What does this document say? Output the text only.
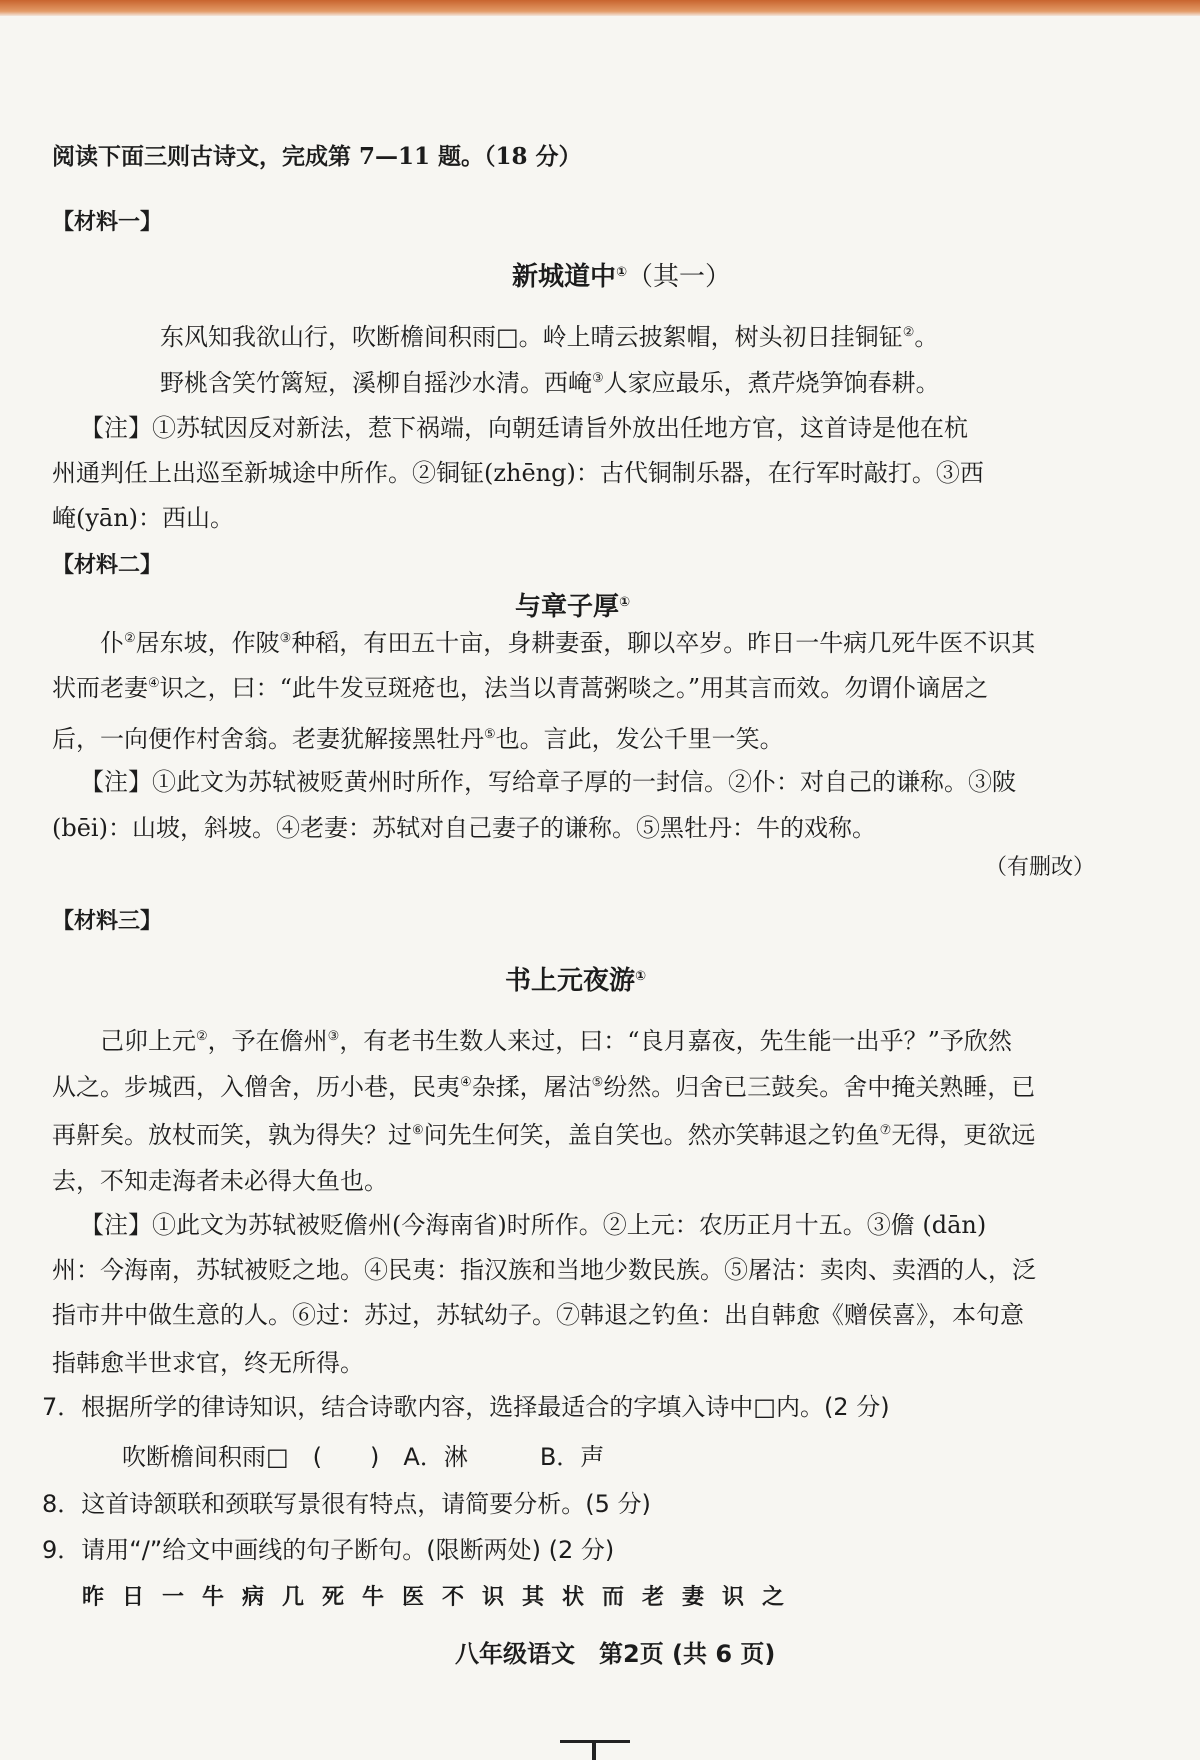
阅读下面三则古诗文，完成第 7—11 题。（18 分）
【材料一】
新城道中①（其一）
东风知我欲山行，吹断檐间积雨□。岭上晴云披絮帽，树头初日挂铜钲②。
野桃含笑竹篱短，溪柳自摇沙水清。西崦③人家应最乐，煮芹烧笋饷春耕。
【注】①苏轼因反对新法，惹下祸端，向朝廷请旨外放出任地方官，这首诗是他在杭
州通判任上出巡至新城途中所作。②铜钲(zhēng)：古代铜制乐器，在行军时敲打。③西
崦(yān)：西山。
【材料二】
与章子厚①
仆②居东坡，作陂③种稻，有田五十亩，身耕妻蚕，聊以卒岁。昨日一牛病几死牛医不识其
状而老妻④识之，曰：“此牛发豆斑疮也，法当以青蒿粥啖之。”用其言而效。勿谓仆谪居之
后，一向便作村舍翁。老妻犹解接黑牡丹⑤也。言此，发公千里一笑。
【注】①此文为苏轼被贬黄州时所作，写给章子厚的一封信。②仆：对自己的谦称。③陂
(bēi)：山坡，斜坡。④老妻：苏轼对自己妻子的谦称。⑤黑牡丹：牛的戏称。
（有删改）
【材料三】
书上元夜游①
己卯上元②，予在儋州③，有老书生数人来过，曰：“良月嘉夜，先生能一出乎？”予欣然
从之。步城西，入僧舍，历小巷，民夷④杂揉，屠沽⑤纷然。归舍已三鼓矣。舍中掩关熟睡，已
再鼾矣。放杖而笑，孰为得失？过⑥问先生何笑，盖自笑也。然亦笑韩退之钓鱼⑦无得，更欲远
去，不知走海者未必得大鱼也。
【注】①此文为苏轼被贬儋州(今海南省)时所作。②上元：农历正月十五。③儋 (dān)
州：今海南，苏轼被贬之地。④民夷：指汉族和当地少数民族。⑤屠沽：卖肉、卖酒的人，泛
指市井中做生意的人。⑥过：苏过，苏轼幼子。⑦韩退之钓鱼：出自韩愈《赠侯喜》，本句意
指韩愈半世求官，终无所得。
7．根据所学的律诗知识，结合诗歌内容，选择最适合的字填入诗中□内。(2 分)
吹断檐间积雨□　(　　)　A．淋　　　B．声
8．这首诗颔联和颈联写景很有特点，请简要分析。(5 分)
9．请用“/”给文中画线的句子断句。(限断两处) (2 分)
昨日一牛病几死牛医不识其状而老妻识之
八年级语文　第2页 (共 6 页)
